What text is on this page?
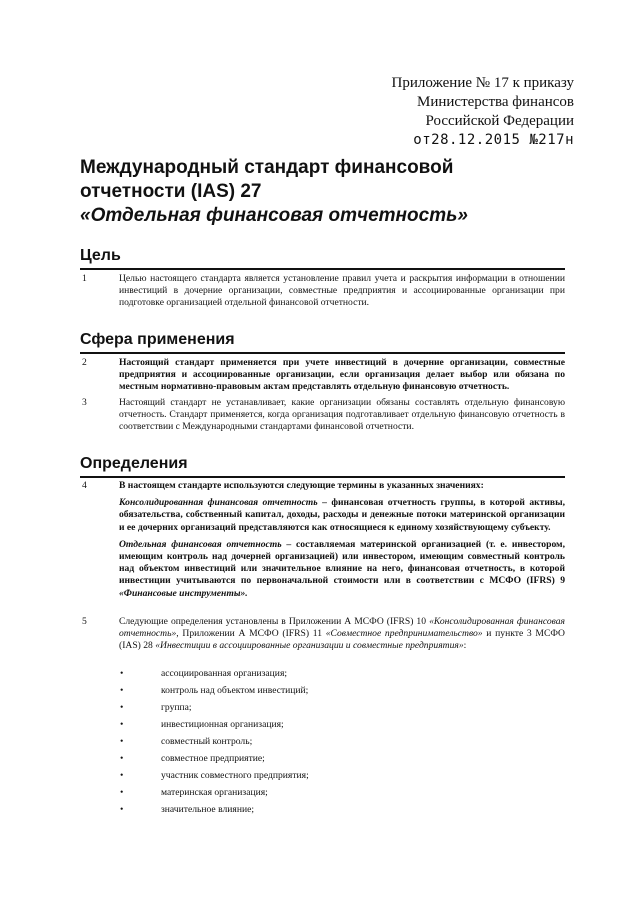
Приложение № 17 к приказу
Министерства финансов
Российской Федерации
от28.12.2015 №217н
Международный стандарт финансовой
отчетности (IAS) 27
«Отдельная финансовая отчетность»
Цель
1	Целью настоящего стандарта является установление правил учета и раскрытия информации в отношении инвестиций в дочерние организации, совместные предприятия и ассоциированные организации при подготовке организацией отдельной финансовой отчетности.
Сфера применения
2	Настоящий стандарт применяется при учете инвестиций в дочерние организации, совместные предприятия и ассоциированные организации, если организация делает выбор или обязана по местным нормативно-правовым актам представлять отдельную финансовую отчетность.
3	Настоящий стандарт не устанавливает, какие организации обязаны составлять отдельную финансовую отчетность. Стандарт применяется, когда организация подготавливает отдельную финансовую отчетность в соответствии с Международными стандартами финансовой отчетности.
Определения
4	В настоящем стандарте используются следующие термины в указанных значениях:
Консолидированная финансовая отчетность – финансовая отчетность группы, в которой активы, обязательства, собственный капитал, доходы, расходы и денежные потоки материнской организации и ее дочерних организаций представляются как относящиеся к единому хозяйствующему субъекту.
Отдельная финансовая отчетность – составляемая материнской организацией (т. е. инвестором, имеющим контроль над дочерней организацией) или инвестором, имеющим совместный контроль над объектом инвестиций или значительное влияние на него, финансовая отчетность, в которой инвестиции учитываются по первоначальной стоимости или в соответствии с МСФО (IFRS) 9 «Финансовые инструменты».
5	Следующие определения установлены в Приложении А МСФО (IFRS) 10 «Консолидированная финансовая отчетность», Приложении А МСФО (IFRS) 11 «Совместное предпринимательство» и пункте 3 МСФО (IAS) 28 «Инвестиции в ассоциированные организации и совместные предприятия»:
•	ассоциированная организация;
•	контроль над объектом инвестиций;
•	группа;
•	инвестиционная организация;
•	совместный контроль;
•	совместное предприятие;
•	участник совместного предприятия;
•	материнская организация;
•	значительное влияние;
